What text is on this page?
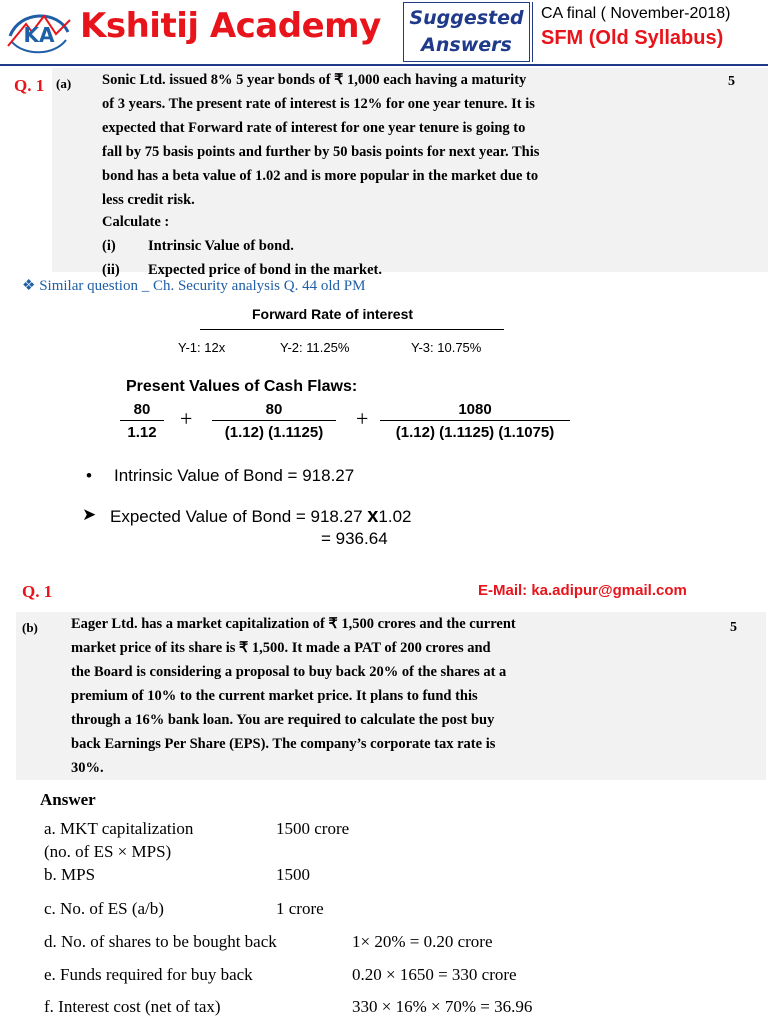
KA Kshitij Academy Suggested
Answers
CA final ( November-2018)
SFM (Old Syllabus)
Q. 1 (a)	5
Sonic Ltd. issued 8% 5 year bonds of ₹ 1,000 each having a maturity
of 3 years. The present rate of interest is 12% for one year tenure. It is
expected that Forward rate of interest for one year tenure is going to
fall by 75 basis points and further by 50 basis points for next year. This
bond has a beta value of 1.02 and is more popular in the market due to
less credit risk.
Calculate :
(i) Intrinsic Value of bond.
(ii) Expected price of bond in the market.
❖ Similar question _ Ch. Security analysis Q. 44 old PM
Forward Rate of interest
Y-1: 12x	Y-2: 11.25%	Y-3: 10.75%
Present Values of Cash Flaws:
$\frac{80}{1.12} + \frac{80}{(1.12) (1.1125)} + \frac{1080}{(1.12) (1.1125) (1.1075)}$
• Intrinsic Value of Bond = 918.27
➤ Expected Value of Bond = 918.27 x1.02
= 936.64
Q. 1	E-Mail: ka.adipur@gmail.com
(b)	5
Eager Ltd. has a market capitalization of ₹ 1,500 crores and the current
market price of its share is ₹ 1,500. It made a PAT of 200 crores and
the Board is considering a proposal to buy back 20% of the shares at a
premium of 10% to the current market price. It plans to fund this
through a 16% bank loan. You are required to calculate the post buy
back Earnings Per Share (EPS). The company’s corporate tax rate is
30%.
Answer
a. MKT capitalization	1500 crore
(no. of ES × MPS)
b. MPS	1500
c. No. of ES (a/b)	1 crore
d. No. of shares to be bought back	1× 20% = 0.20 crore
e. Funds required for buy back	0.20 × 1650 = 330 crore
f. Interest cost (net of tax)	330 × 16% × 70% = 36.96
